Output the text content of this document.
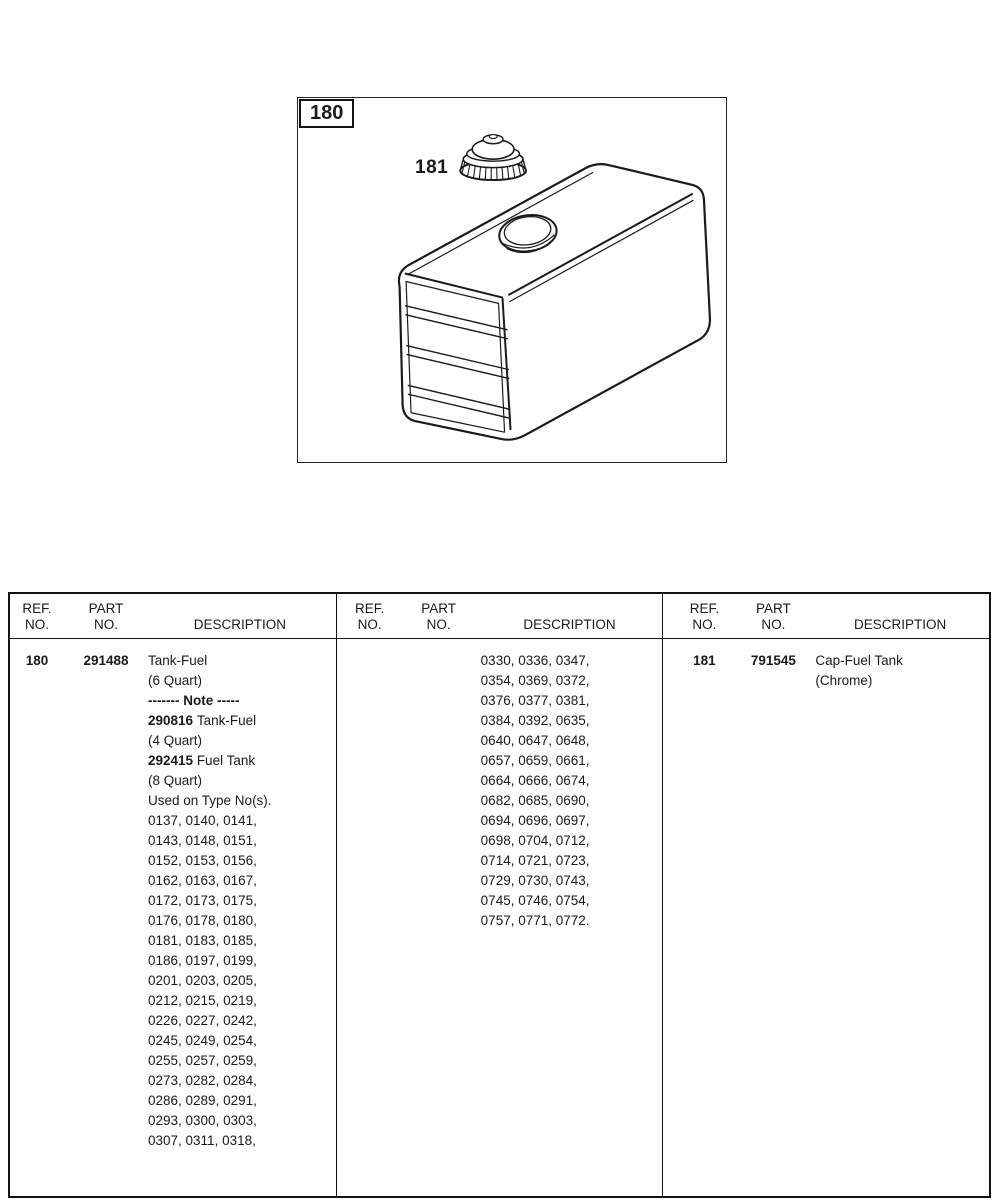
180
181
REF.
NO.
PART
NO.	DESCRIPTION
180	291488	Tank-Fuel
(6 Quart)
------- Note -----
290816 Tank-Fuel
(4 Quart)
292415 Fuel Tank
(8 Quart)
Used on Type No(s).
0137, 0140, 0141,
0143, 0148, 0151,
0152, 0153, 0156,
0162, 0163, 0167,
0172, 0173, 0175,
0176, 0178, 0180,
0181, 0183, 0185,
0186, 0197, 0199,
0201, 0203, 0205,
0212, 0215, 0219,
0226, 0227, 0242,
0245, 0249, 0254,
0255, 0257, 0259,
0273, 0282, 0284,
0286, 0289, 0291,
0293, 0300, 0303,
0307, 0311, 0318,
REF.
NO.
PART
NO.	DESCRIPTION
0330, 0336, 0347,
0354, 0369, 0372,
0376, 0377, 0381,
0384, 0392, 0635,
0640, 0647, 0648,
0657, 0659, 0661,
0664, 0666, 0674,
0682, 0685, 0690,
0694, 0696, 0697,
0698, 0704, 0712,
0714, 0721, 0723,
0729, 0730, 0743,
0745, 0746, 0754,
0757, 0771, 0772.
REF.
NO.
PART
NO.	DESCRIPTION
181	791545	Cap-Fuel Tank
(Chrome)
